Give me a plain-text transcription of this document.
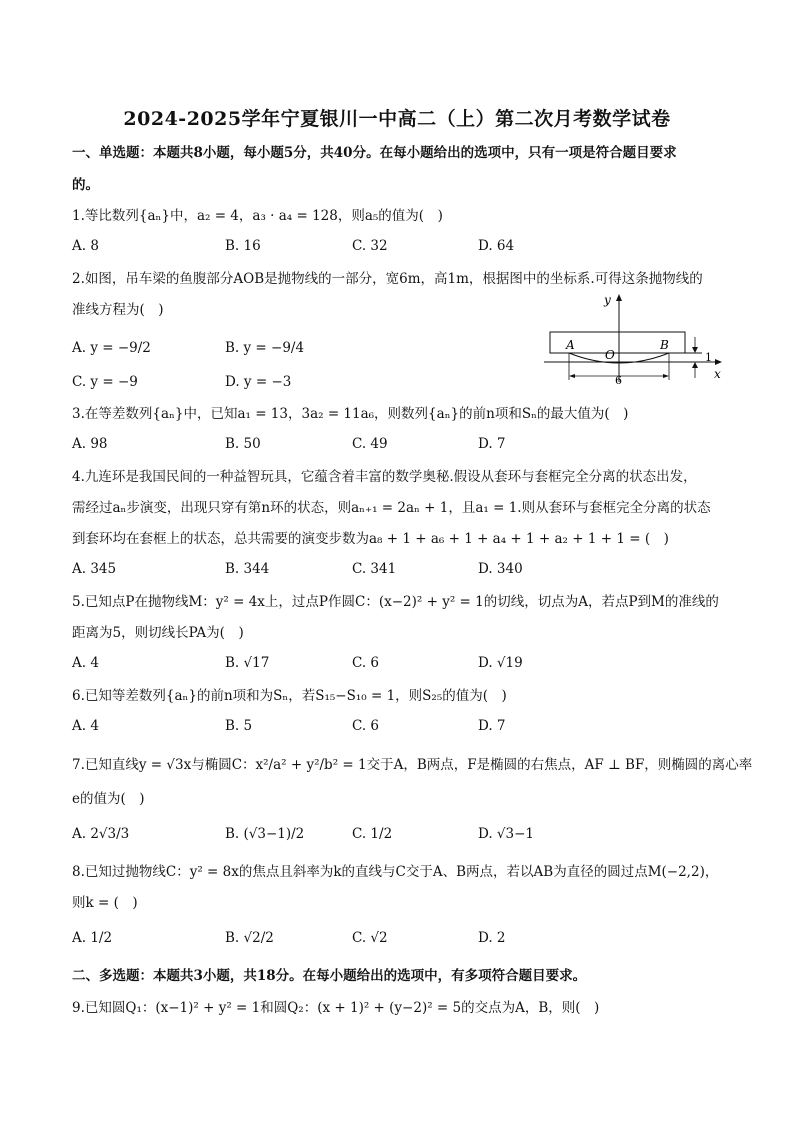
2024-2025学年宁夏银川一中高二（上）第二次月考数学试卷
一、单选题：本题共8小题，每小题5分，共40分。在每小题给出的选项中，只有一项是符合题目要求
的。
1.等比数列{aₙ}中，a₂ = 4，a₃ · a₄ = 128，则a₅的值为(　)
A. 8	B. 16	C. 32	D. 64
2.如图，吊车梁的鱼腹部分AOB是抛物线的一部分，宽6m，高1m，根据图中的坐标系.可得这条抛物线的
准线方程为(　)
A. y = −9/2	B. y = −9/4
C. y = −9	D. y = −3
y
x
A	B
O
6
1
3.在等差数列{aₙ}中，已知a₁ = 13，3a₂ = 11a₆，则数列{aₙ}的前n项和Sₙ的最大值为(　)
A. 98	B. 50	C. 49	D. 7
4.九连环是我国民间的一种益智玩具，它蕴含着丰富的数学奥秘.假设从套环与套框完全分离的状态出发，
需经过aₙ步演变，出现只穿有第n环的状态，则aₙ₊₁ = 2aₙ + 1，且a₁ = 1.则从套环与套框完全分离的状态
到套环均在套框上的状态，总共需要的演变步数为a₈ + 1 + a₆ + 1 + a₄ + 1 + a₂ + 1 + 1 = (　)
A. 345	B. 344	C. 341	D. 340
5.已知点P在抛物线M：y² = 4x上，过点P作圆C：(x−2)² + y² = 1的切线，切点为A，若点P到M的准线的
距离为5，则切线长PA为(　)
A. 4	B. √17	C. 6	D. √19
6.已知等差数列{aₙ}的前n项和为Sₙ，若S₁₅−S₁₀ = 1，则S₂₅的值为(　)
A. 4	B. 5	C. 6	D. 7
7.已知直线y = √3x与椭圆C：x²/a² + y²/b² = 1交于A，B两点，F是椭圆的右焦点，AF ⊥ BF，则椭圆的离心率
e的值为(　)
A. 2√3/3	B. (√3−1)/2	C. 1/2	D. √3−1
8.已知过抛物线C：y² = 8x的焦点且斜率为k的直线与C交于A、B两点，若以AB为直径的圆过点M(−2,2)，
则k = (　)
A. 1/2	B. √2/2	C. √2	D. 2
二、多选题：本题共3小题，共18分。在每小题给出的选项中，有多项符合题目要求。
9.已知圆Q₁：(x−1)² + y² = 1和圆Q₂：(x + 1)² + (y−2)² = 5的交点为A，B，则(　)
